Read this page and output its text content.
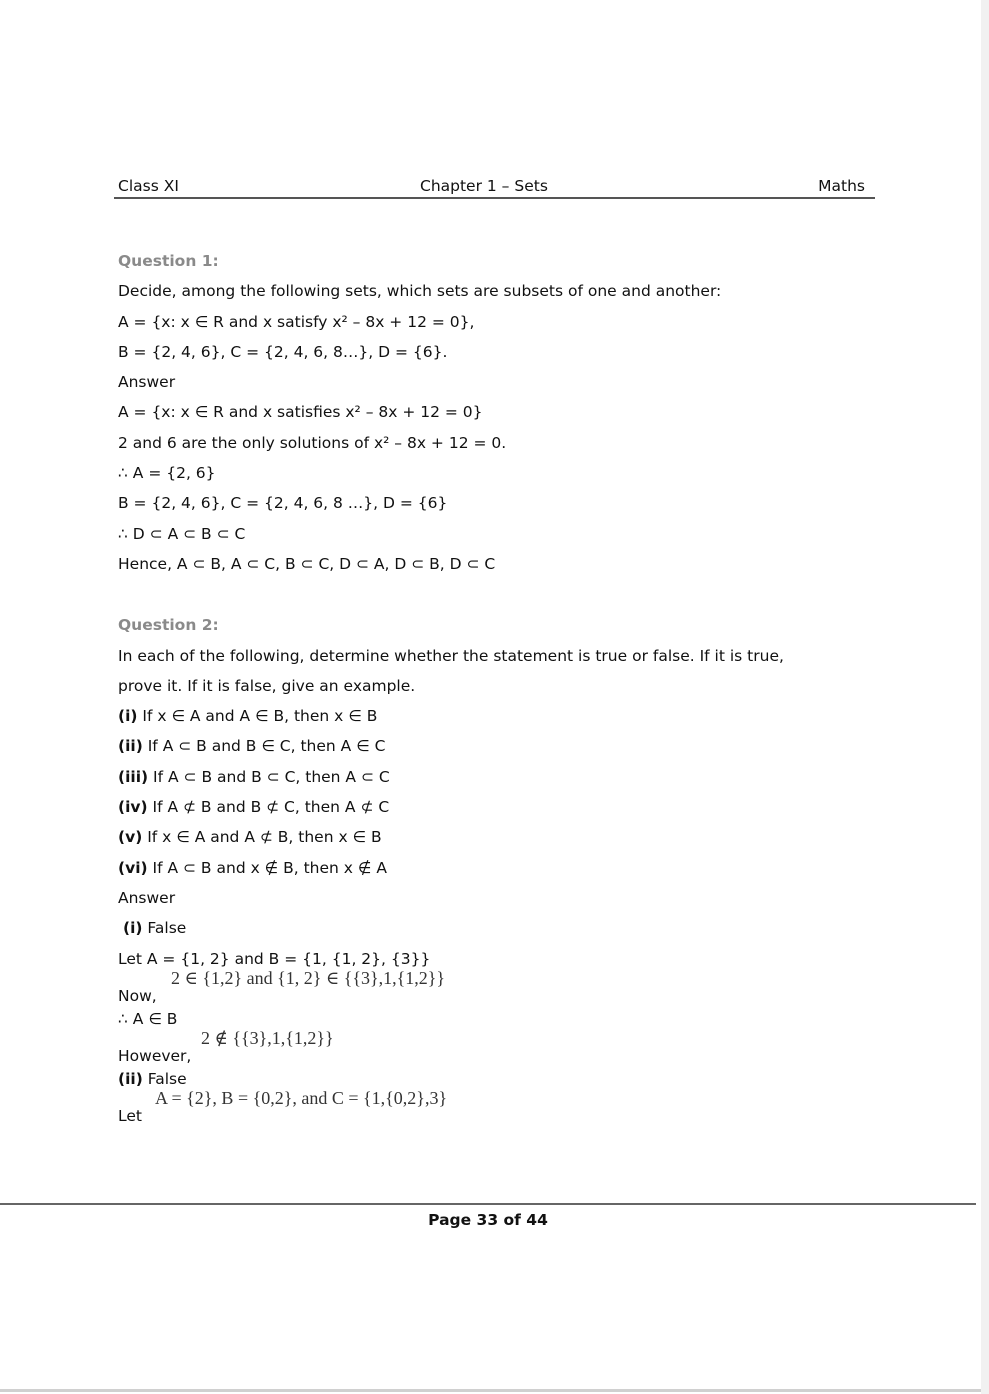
Class XI	Chapter 1 – Sets	Maths
Question 1:
Decide, among the following sets, which sets are subsets of one and another:
A = {x: x ∈ R and x satisfy x² – 8x + 12 = 0},
B = {2, 4, 6}, C = {2, 4, 6, 8…}, D = {6}.
Answer
A = {x: x ∈ R and x satisfies x² – 8x + 12 = 0}
2 and 6 are the only solutions of x² – 8x + 12 = 0.
∴ A = {2, 6}
B = {2, 4, 6}, C = {2, 4, 6, 8 …}, D = {6}
∴ D ⊂ A ⊂ B ⊂ C
Hence, A ⊂ B, A ⊂ C, B ⊂ C, D ⊂ A, D ⊂ B, D ⊂ C
Question 2:
In each of the following, determine whether the statement is true or false. If it is true,
prove it. If it is false, give an example.
(i) If x ∈ A and A ∈ B, then x ∈ B
(ii) If A ⊂ B and B ∈ C, then A ∈ C
(iii) If A ⊂ B and B ⊂ C, then A ⊂ C
(iv) If A ⊄ B and B ⊄ C, then A ⊄ C
(v) If x ∈ A and A ⊄ B, then x ∈ B
(vi) If A ⊂ B and x ∉ B, then x ∉ A
Answer
(i) False
Let A = {1, 2} and B = {1, {1, 2}, {3}}
Now,
2 ∈ {1,2} and {1, 2} ∈ {{3},1,{1,2}}
∴ A ∈ B
However,
2 ∉ {{3},1,{1,2}}
(ii) False
Let
A = {2}, B = {0,2}, and C = {1,{0,2},3}
Page 33 of 44
